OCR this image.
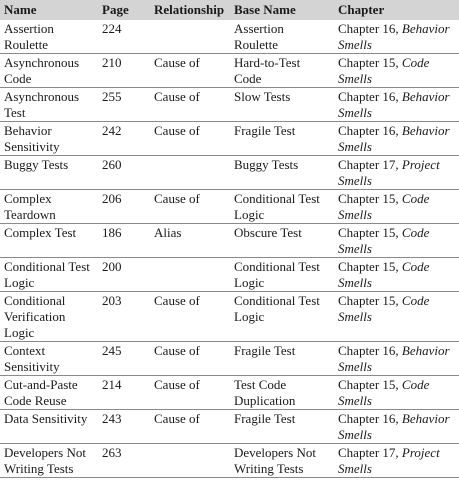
Name	Page	Relationship	Base Name	Chapter
Assertion Roulette	224		Assertion Roulette	Chapter 16, Behavior Smells
Asynchronous Code	210	Cause of	Hard-to-Test Code	Chapter 15, Code Smells
Asynchronous Test	255	Cause of	Slow Tests	Chapter 16, Behavior Smells
Behavior Sensitivity	242	Cause of	Fragile Test	Chapter 16, Behavior Smells
Buggy Tests	260		Buggy Tests	Chapter 17, Project Smells
Complex Teardown	206	Cause of	Conditional Test Logic	Chapter 15, Code Smells
Complex Test	186	Alias	Obscure Test	Chapter 15, Code Smells
Conditional Test Logic	200		Conditional Test Logic	Chapter 15, Code Smells
Conditional Verification Logic	203	Cause of	Conditional Test Logic	Chapter 15, Code Smells
Context Sensitivity	245	Cause of	Fragile Test	Chapter 16, Behavior Smells
Cut-and-Paste Code Reuse	214	Cause of	Test Code Duplication	Chapter 15, Code Smells
Data Sensitivity	243	Cause of	Fragile Test	Chapter 16, Behavior Smells
Developers Not Writing Tests	263		Developers Not Writing Tests	Chapter 17, Project Smells
